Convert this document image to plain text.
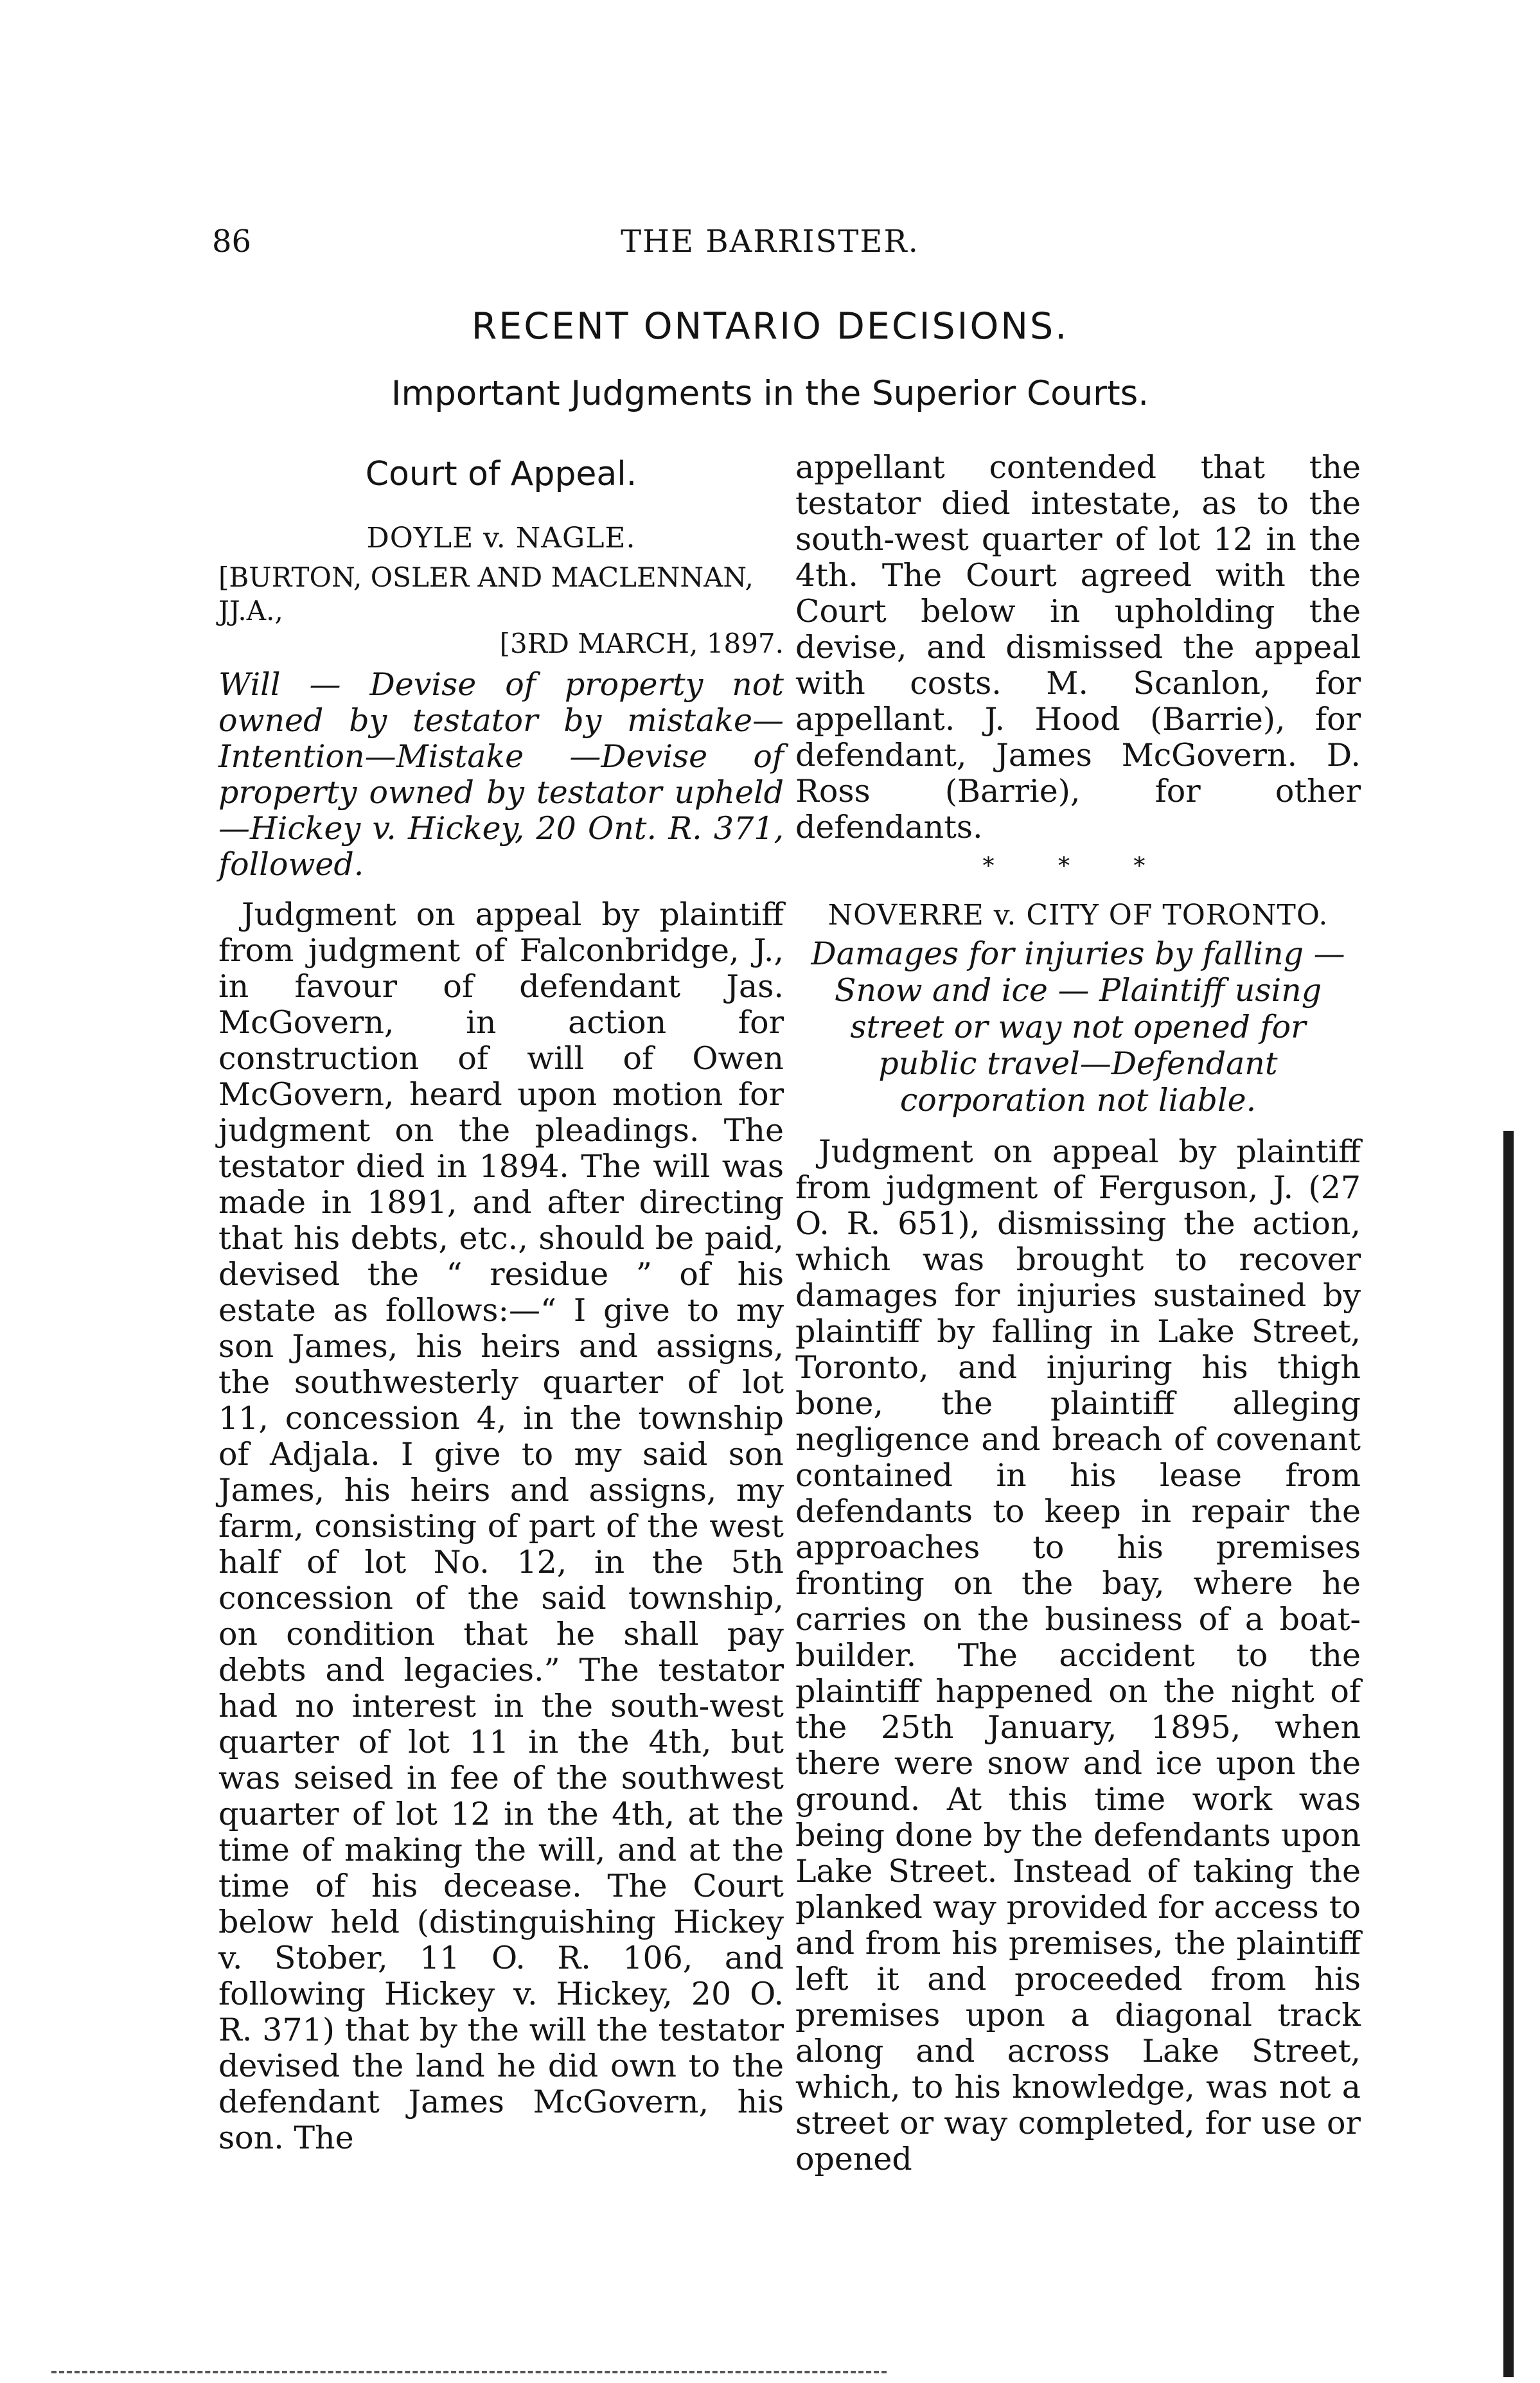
86	THE BARRISTER.
RECENT ONTARIO DECISIONS.
Important Judgments in the Superior Courts.
Court of Appeal.
DOYLE v. NAGLE.

[BURTON, OSLER AND MACLENNAN, JJ.A.,

[3RD MARCH, 1897.

Will — Devise of property not owned by testator by mistake—Intention—Mistake —Devise of property owned by testator upheld—Hickey v. Hickey, 20 Ont. R. 371, followed.

Judgment on appeal by plaintiff from judgment of Falconbridge, J., in favour of defendant Jas. McGovern, in action for construction of will of Owen McGovern, heard upon motion for judgment on the pleadings. The testator died in 1894. The will was made in 1891, and after directing that his debts, etc., should be paid, devised the “ residue ” of his estate as follows:—“ I give to my son James, his heirs and assigns, the southwesterly quarter of lot 11, concession 4, in the township of Adjala. I give to my said son James, his heirs and assigns, my farm, consisting of part of the west half of lot No. 12, in the 5th concession of the said township, on condition that he shall pay debts and legacies.” The testator had no interest in the south-west quarter of lot 11 in the 4th, but was seised in fee of the southwest quarter of lot 12 in the 4th, at the time of making the will, and at the time of his decease. The Court below held (distinguishing Hickey v. Stober, 11 O. R. 106, and following Hickey v. Hickey, 20 O. R. 371) that by the will the testator devised the land he did own to the defendant James McGovern, his son. The

appellant contended that the testator died intestate, as to the south-west quarter of lot 12 in the 4th. The Court agreed with the Court below in upholding the devise, and dismissed the appeal with costs. M. Scanlon, for appellant. J. Hood (Barrie), for defendant, James McGovern. D. Ross (Barrie), for other defendants.

* * *
NOVERRE v. CITY OF TORONTO.

Damages for injuries by falling —Snow and ice — Plaintiff using street or way not opened for public travel—Defendant corporation not liable.

Judgment on appeal by plaintiff from judgment of Ferguson, J. (27 O. R. 651), dismissing the action, which was brought to recover damages for injuries sustained by plaintiff by falling in Lake Street, Toronto, and injuring his thigh bone, the plaintiff alleging negligence and breach of covenant contained in his lease from defendants to keep in repair the approaches to his premises fronting on the bay, where he carries on the business of a boat-builder. The accident to the plaintiff happened on the night of the 25th January, 1895, when there were snow and ice upon the ground. At this time work was being done by the defendants upon Lake Street. Instead of taking the planked way provided for access to and from his premises, the plaintiff left it and proceeded from his premises upon a diagonal track along and across Lake Street, which, to his knowledge, was not a street or way completed, for use or opened
